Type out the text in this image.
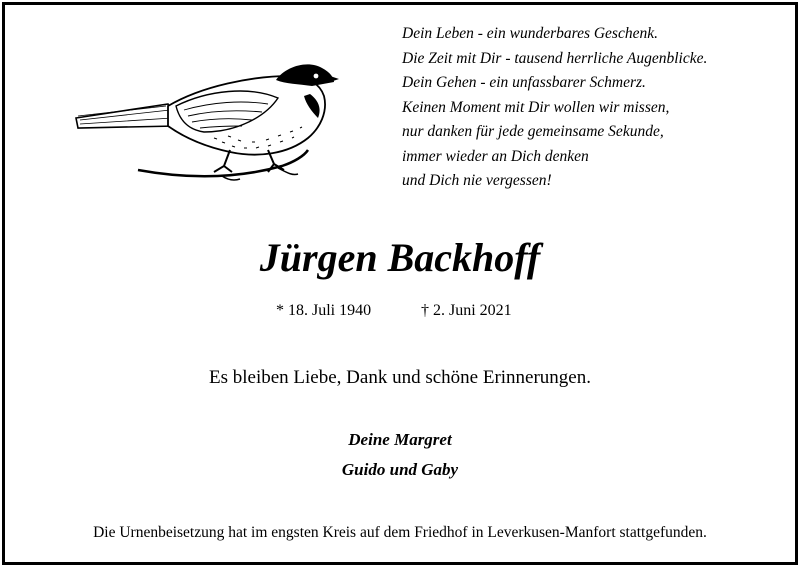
Dein Leben - ein wunderbares Geschenk.
Die Zeit mit Dir - tausend herrliche Augenblicke.
Dein Gehen - ein unfassbarer Schmerz.
Keinen Moment mit Dir wollen wir missen,
nur danken für jede gemeinsame Sekunde,
immer wieder an Dich denken
und Dich nie vergessen!
Jürgen Backhoff
* 18. Juli 1940	† 2. Juni 2021
Es bleiben Liebe, Dank und schöne Erinnerungen.
Deine Margret
Guido und Gaby
Die Urnenbeisetzung hat im engsten Kreis auf dem Friedhof in Leverkusen-Manfort stattgefunden.
